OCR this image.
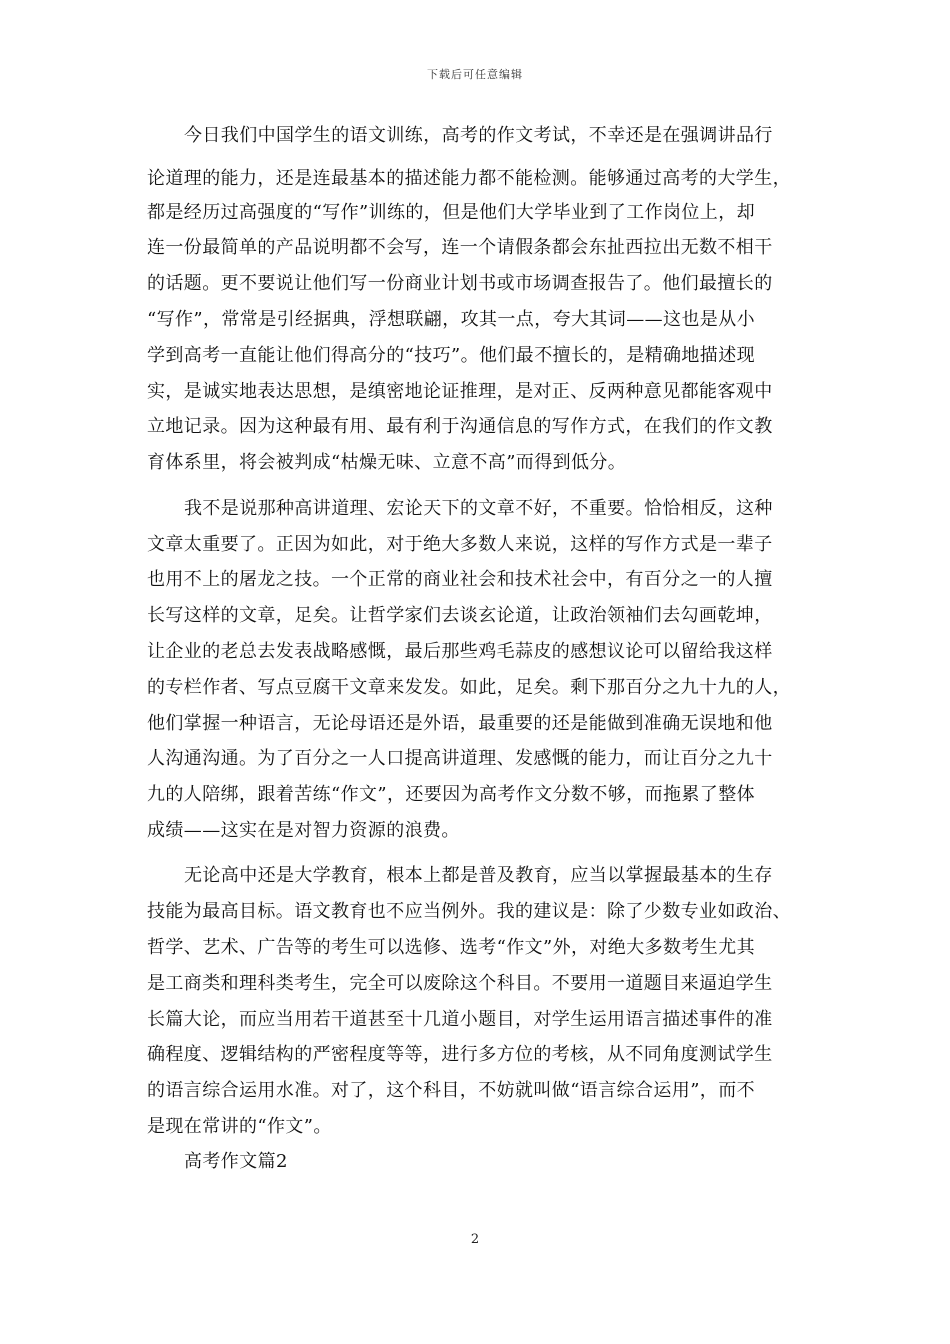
下载后可任意编辑
今日我们中国学生的语文训练，高考的作文考试，不幸还是在强调讲品行
论道理的能力，还是连最基本的描述能力都不能检测。能够通过高考的大学生，
都是经历过高强度的“写作”训练的，但是他们大学毕业到了工作岗位上，却
连一份最简单的产品说明都不会写，连一个请假条都会东扯西拉出无数不相干
的话题。更不要说让他们写一份商业计划书或市场调查报告了。他们最擅长的
“写作”，常常是引经据典，浮想联翩，攻其一点，夸大其词——这也是从小
学到高考一直能让他们得高分的“技巧”。他们最不擅长的，是精确地描述现
实，是诚实地表达思想，是缜密地论证推理，是对正、反两种意见都能客观中
立地记录。因为这种最有用、最有利于沟通信息的写作方式，在我们的作文教
育体系里，将会被判成“枯燥无味、立意不高”而得到低分。
我不是说那种高讲道理、宏论天下的文章不好，不重要。恰恰相反，这种
文章太重要了。正因为如此，对于绝大多数人来说，这样的写作方式是一辈子
也用不上的屠龙之技。一个正常的商业社会和技术社会中，有百分之一的人擅
长写这样的文章，足矣。让哲学家们去谈玄论道，让政治领袖们去勾画乾坤，
让企业的老总去发表战略感慨，最后那些鸡毛蒜皮的感想议论可以留给我这样
的专栏作者、写点豆腐干文章来发发。如此，足矣。剩下那百分之九十九的人，
他们掌握一种语言，无论母语还是外语，最重要的还是能做到准确无误地和他
人沟通沟通。为了百分之一人口提高讲道理、发感慨的能力，而让百分之九十
九的人陪绑，跟着苦练“作文”，还要因为高考作文分数不够，而拖累了整体
成绩——这实在是对智力资源的浪费。
无论高中还是大学教育，根本上都是普及教育，应当以掌握最基本的生存
技能为最高目标。语文教育也不应当例外。我的建议是：除了少数专业如政治、
哲学、艺术、广告等的考生可以选修、选考“作文”外，对绝大多数考生尤其
是工商类和理科类考生，完全可以废除这个科目。不要用一道题目来逼迫学生
长篇大论，而应当用若干道甚至十几道小题目，对学生运用语言描述事件的准
确程度、逻辑结构的严密程度等等，进行多方位的考核，从不同角度测试学生
的语言综合运用水准。对了，这个科目，不妨就叫做“语言综合运用”，而不
是现在常讲的“作文”。
高考作文篇2
2
